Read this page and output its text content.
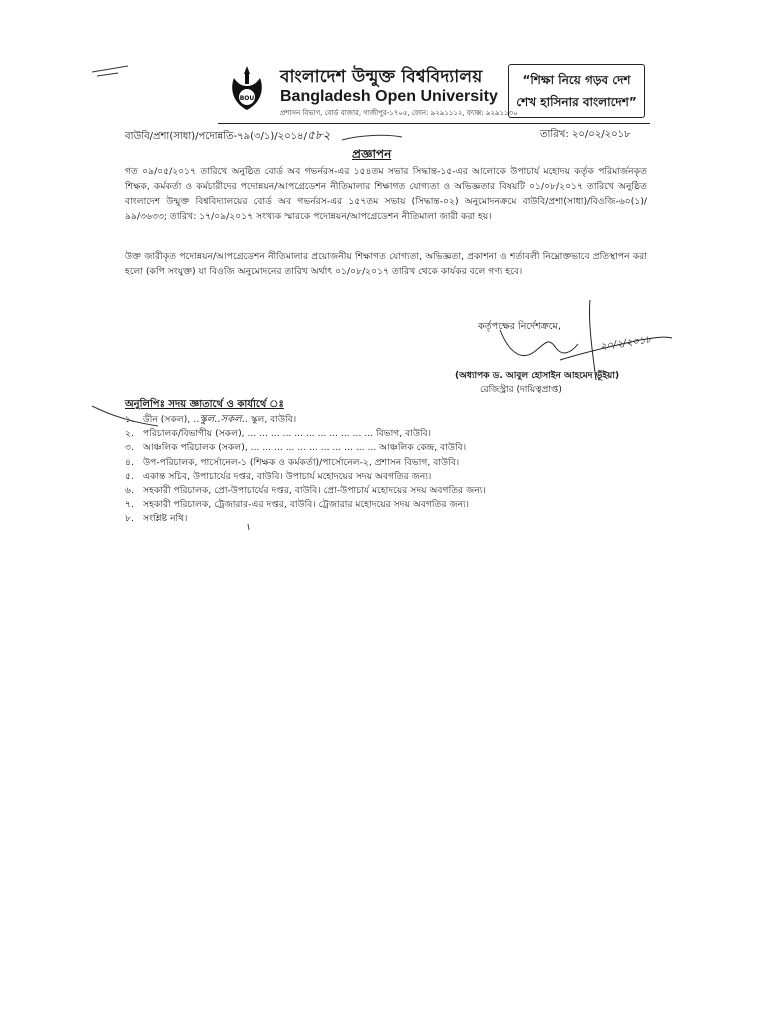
BOU
বাংলাদেশ উন্মুক্ত বিশ্ববিদ্যালয়
Bangladesh Open University
প্রশাসন বিভাগ, বোর্ড বাজার, গাজীপুর-১৭০৫, ফোন: ৯২৯১১১২, ফ্যাক্স: ৯২৯১১৩০
“শিক্ষা নিয়ে গড়ব দেশ
শেখ হাসিনার বাংলাদেশ”
বাউবি/প্রশা(সাধা)/পদোন্নতি-৭৯(৩/১)/২০১৪/৫৮২	তারিখ: ২০/০২/২০১৮
প্রজ্ঞাপন
গত ০৯/০৫/২০১৭ তারিখে অনুষ্ঠিত বোর্ড অব গভর্নরস-এর ১৫৪তম সভার সিদ্ধান্ত-১৫-এর আলোকে উপাচার্য মহোদয় কর্তৃক পরিমার্জনকৃত শিক্ষক, কর্মকর্তা ও কর্মচারীদের পদোন্নয়ন/আপগ্রেডেশন নীতিমালার শিক্ষাগত যোগ্যতা ও অভিজ্ঞতার বিষয়টি ০১/০৮/২০১৭ তারিখে অনুষ্ঠিত বাংলাদেশ উন্মুক্ত বিশ্ববিদ্যালয়ের বোর্ড অব গভর্নরস-এর ১৫৭তম সভায় (সিদ্ধান্ত-০২) অনুমোদনক্রমে বাউবি/প্রশা(সাধা)/বিওজি-৬০(১)/৯৯/৩৬৩৩; তারিখ: ১৭/০৯/২০১৭ সংখ্যক স্মারকে পদোন্নয়ন/আপগ্রেডেশন নীতিমালা জারী করা হয়।
উক্ত জারীকৃত পদোন্নয়ন/আপগ্রেডেশন নীতিমালার প্রয়োজনীয় শিক্ষাগত যোগ্যতা, অভিজ্ঞতা, প্রকাশনা ও শর্তাবলী নিম্নোক্তভাবে প্রতিস্থাপন করা হলো (কপি সংযুক্ত) যা বিওজি অনুমোদনের তারিখ অর্থাৎ ০১/০৮/২০১৭ তারিখ থেকে কার্যকর বলে গণ্য হবে।
কর্তৃপক্ষের নির্দেশক্রমে,
(অধ্যাপক ড. আবুল হোসাইন আহমেদ ভূঁইয়া)
রেজিস্ট্রার (দায়িত্বপ্রাপ্ত)
অনুলিপিঃ সদয় জ্ঞাতার্থে ও কার্যার্থে ঃ
১. ডীন (সকল), ..স্কুল..সকল.. স্কুল, বাউবি।
২. পরিচালক/বিভাগীয় (সকল), ... ... ... ... ... ... ... ... ... ... ... বিভাগ, বাউবি।
৩. আঞ্চলিক পরিচালক (সকল), ... ... ... ... ... ... ... ... ... ... ... আঞ্চলিক কেন্দ্র, বাউবি।
৪. উপ-পরিচালক, পার্সোনেল-১ (শিক্ষক ও কর্মকর্তা)/পার্সোনেল-২, প্রশাসন বিভাগ, বাউবি।
৫. একান্ত সচিব, উপাচার্যের দপ্তর, বাউবি। উপাচার্য মহোদয়ের সদয় অবগতির জন্য।
৬. সহকারী পরিচালক, প্রো-উপাচার্যের দপ্তর, বাউবি। প্রো-উপাচার্য মহোদয়ের সদয় অবগতির জন্য।
৭. সহকারী পরিচালক, ট্রেজারার-এর দপ্তর, বাউবি। ট্রেজারার মহোদয়ের সদয় অবগতির জন্য।
৮. সংশ্লিষ্ট নথি।
২০/২/২০১৮
